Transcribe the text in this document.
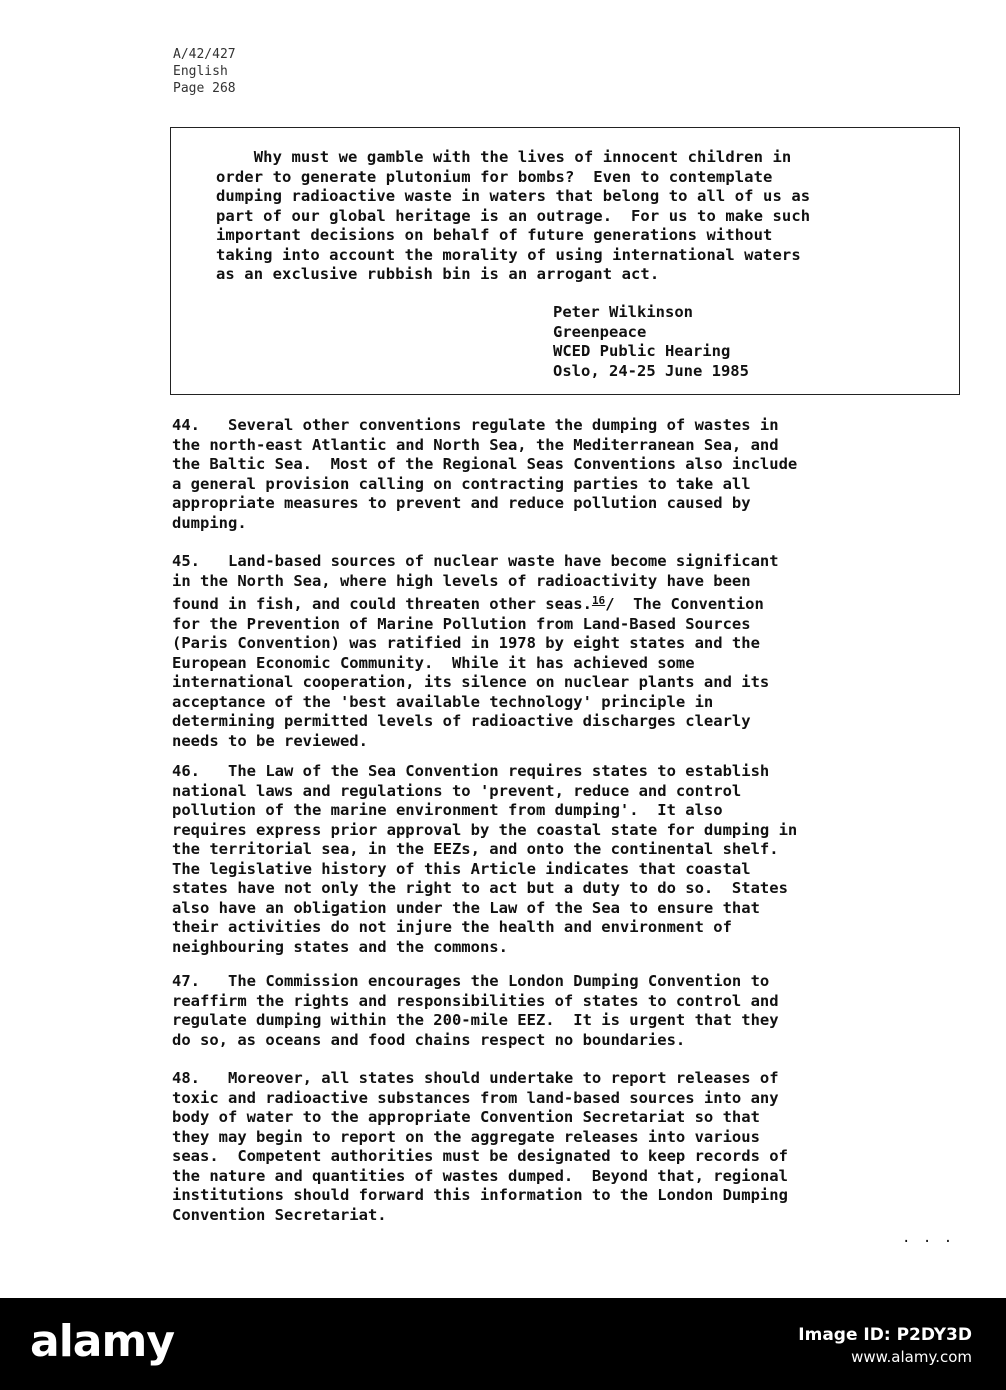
A/42/427
English
Page 268
Why must we gamble with the lives of innocent children in
order to generate plutonium for bombs?  Even to contemplate
dumping radioactive waste in waters that belong to all of us as
part of our global heritage is an outrage.  For us to make such
important decisions on behalf of future generations without
taking into account the morality of using international waters
as an exclusive rubbish bin is an arrogant act.
Peter Wilkinson
Greenpeace
WCED Public Hearing
Oslo, 24-25 June 1985
44.   Several other conventions regulate the dumping of wastes in
the north-east Atlantic and North Sea, the Mediterranean Sea, and
the Baltic Sea.  Most of the Regional Seas Conventions also include
a general provision calling on contracting parties to take all
appropriate measures to prevent and reduce pollution caused by
dumping.
45.   Land-based sources of nuclear waste have become significant
in the North Sea, where high levels of radioactivity have been
found in fish, and could threaten other seas.$^{16}$/  The Convention
for the Prevention of Marine Pollution from Land-Based Sources
(Paris Convention) was ratified in 1978 by eight states and the
European Economic Community.  While it has achieved some
international cooperation, its silence on nuclear plants and its
acceptance of the 'best available technology' principle in
determining permitted levels of radioactive discharges clearly
needs to be reviewed.
46.   The Law of the Sea Convention requires states to establish
national laws and regulations to 'prevent, reduce and control
pollution of the marine environment from dumping'.  It also
requires express prior approval by the coastal state for dumping in
the territorial sea, in the EEZs, and onto the continental shelf.
The legislative history of this Article indicates that coastal
states have not only the right to act but a duty to do so.  States
also have an obligation under the Law of the Sea to ensure that
their activities do not injure the health and environment of
neighbouring states and the commons.
47.   The Commission encourages the London Dumping Convention to
reaffirm the rights and responsibilities of states to control and
regulate dumping within the 200-mile EEZ.  It is urgent that they
do so, as oceans and food chains respect no boundaries.
48.   Moreover, all states should undertake to report releases of
toxic and radioactive substances from land-based sources into any
body of water to the appropriate Convention Secretariat so that
they may begin to report on the aggregate releases into various
seas.  Competent authorities must be designated to keep records of
the nature and quantities of wastes dumped.  Beyond that, regional
institutions should forward this information to the London Dumping
Convention Secretariat.
. . .
alamy	Image ID: P2DY3D
www.alamy.com
